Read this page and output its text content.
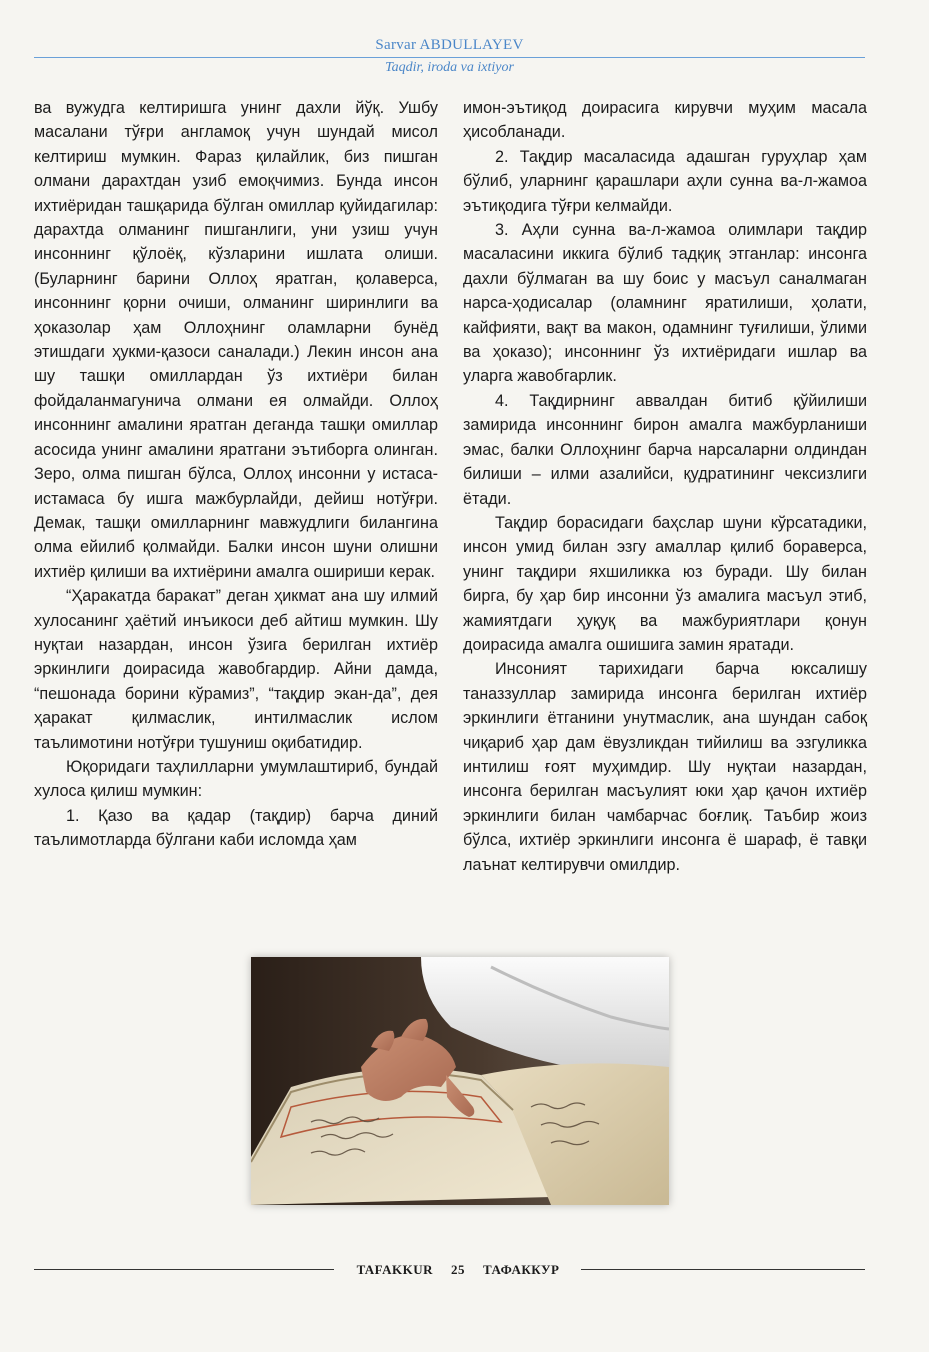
Sarvar ABDULLAYEV
Taqdir, iroda va ixtiyor

ва вужудга келтиришга унинг дахли йўқ. Ушбу масалани тўғри англамоқ учун шундай мисол келтириш мумкин. Фараз қилайлик, биз пишган олмани дарахтдан узиб емоқчимиз. Бунда инсон ихтиёридан ташқарида бўлган омиллар қуйидагилар: дарахтда олманинг пишганлиги, уни узиш учун инсоннинг қўлоёқ, кўзларини ишлата олиши. (Буларнинг барини Оллоҳ яратган, қолаверса, инсоннинг қорни очиши, олманинг ширинлиги ва ҳоказолар ҳам Оллоҳнинг оламларни бунёд этишдаги ҳукми-қазоси саналади.) Лекин инсон ана шу ташқи омиллардан ўз ихтиёри билан фойдаланмагунича олмани ея олмайди. Оллоҳ инсоннинг амалини яратган деганда ташқи омиллар асосида унинг амалини яратгани эътиборга олинган. Зеро, олма пишган бўлса, Оллоҳ инсонни у истаса-истамаса бу ишга мажбурлайди, дейиш нотўғри. Демак, ташқи омилларнинг мавжудлиги билангина олма ейилиб қолмайди. Балки инсон шуни олишни ихтиёр қилиши ва ихтиёрини амалга ошириши керак.

“Ҳаракатда баракат” деган ҳикмат ана шу илмий хулосанинг ҳаётий инъикоси деб айтиш мумкин. Шу нуқтаи назардан, инсон ўзига берилган ихтиёр эркинлиги доирасида жавобгардир. Айни дамда, “пешонада борини кўрамиз”, “тақдир экан-да”, дея ҳаракат қилмаслик, интилмаслик ислом таълимотини нотўғри тушуниш оқибатидир.

Юқоридаги таҳлилларни умумлаштириб, бундай хулоса қилиш мумкин:

1. Қазо ва қадар (тақдир) барча диний таълимотларда бўлгани каби исломда ҳам

имон-эътиқод доирасига кирувчи муҳим масала ҳисобланади.

2. Тақдир масаласида адашган гуруҳлар ҳам бўлиб, уларнинг қарашлари аҳли сунна ва-л-жамоа эътиқодига тўғри келмайди.

3. Аҳли сунна ва-л-жамоа олимлари тақдир масаласини иккига бўлиб тадқиқ этганлар: инсонга дахли бўлмаган ва шу боис у масъул саналмаган нарса-ҳодисалар (оламнинг яратилиши, ҳолати, кайфияти, вақт ва макон, одамнинг туғилиши, ўлими ва ҳоказо); инсоннинг ўз ихтиёридаги ишлар ва уларга жавобгарлик.

4. Тақдирнинг аввалдан битиб қўйилиши замирида инсоннинг бирон амалга мажбурланиши эмас, балки Оллоҳнинг барча нарсаларни олдиндан билиши – илми азалийси, қудратининг чексизлиги ётади.

Тақдир борасидаги баҳслар шуни кўрсатадики, инсон умид билан эзгу амаллар қилиб бораверса, унинг тақдири яхшиликка юз буради. Шу билан бирга, бу ҳар бир инсонни ўз амалига масъул этиб, жамиятдаги ҳуқуқ ва мажбуриятлари қонун доирасида амалга ошишига замин яратади.

Инсоният тарихидаги барча юксалишу таназзуллар замирида инсонга берилган ихтиёр эркинлиги ётганини унутмаслик, ана шундан сабоқ чиқариб ҳар дам ёвузликдан тийилиш ва эзгуликка интилиш ғоят муҳимдир. Шу нуқтаи назардан, инсонга берилган масъулият юки ҳар қачон ихтиёр эркинлиги билан чамбарчас боғлиқ. Таъбир жоиз бўлса, ихтиёр эркинлиги инсонга ё шараф, ё тавқи лаънат келтирувчи омилдир.

TAFAKKUR 25 ТАФАККУР
